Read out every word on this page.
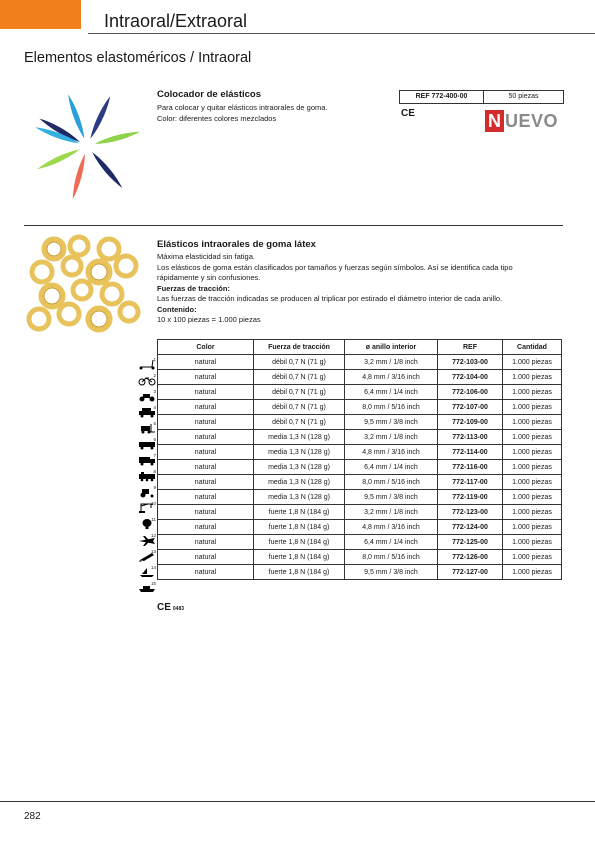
Intraoral/Extraoral
Elementos elastoméricos / Intraoral
Colocador de elásticos
Para colocar y quitar elásticos intraorales de goma.
Color: diferentes colores mezclados
REF 772-400-00	50 piezas
CE	N UEVO
Elásticos intraorales de goma látex
Máxima elasticidad sin fatiga.
Los elásticos de goma están clasificados por tamaños y fuerzas según símbolos. Así se identifica cada tipo
rápidamente y sin confusiones.
Fuerzas de tracción:
Las fuerzas de tracción indicadas se producen al triplicar por estirado el diámetro interior de cada anillo.
Contenido:
10 x 100 piezas = 1.000 piezas
Color	Fuerza de tracción	ø anillo interior	REF	Cantidad
natural	débil 0,7 N (71 g)	3,2 mm / 1/8 inch	772-103-00	1.000 piezas
natural	débil 0,7 N (71 g)	4,8 mm / 3/16 inch	772-104-00	1.000 piezas
natural	débil 0,7 N (71 g)	6,4 mm / 1/4 inch	772-106-00	1.000 piezas
natural	débil 0,7 N (71 g)	8,0 mm / 5/16 inch	772-107-00	1.000 piezas
natural	débil 0,7 N (71 g)	9,5 mm / 3/8 inch	772-109-00	1.000 piezas
natural	media 1,3 N (128 g)	3,2 mm / 1/8 inch	772-113-00	1.000 piezas
natural	media 1,3 N (128 g)	4,8 mm / 3/16 inch	772-114-00	1.000 piezas
natural	media 1,3 N (128 g)	6,4 mm / 1/4 inch	772-116-00	1.000 piezas
natural	media 1,3 N (128 g)	8,0 mm / 5/16 inch	772-117-00	1.000 piezas
natural	media 1,3 N (128 g)	9,5 mm / 3/8 inch	772-119-00	1.000 piezas
natural	fuerte 1,8 N (184 g)	3,2 mm / 1/8 inch	772-123-00	1.000 piezas
natural	fuerte 1,8 N (184 g)	4,8 mm / 3/16 inch	772-124-00	1.000 piezas
natural	fuerte 1,8 N (184 g)	6,4 mm / 1/4 inch	772-125-00	1.000 piezas
natural	fuerte 1,8 N (184 g)	8,0 mm / 5/16 inch	772-126-00	1.000 piezas
natural	fuerte 1,8 N (184 g)	9,5 mm / 3/8 inch	772-127-00	1.000 piezas
1
2
3
4
5
6
7
8
9
10
11
12
13
14
15
CE 0483
282
